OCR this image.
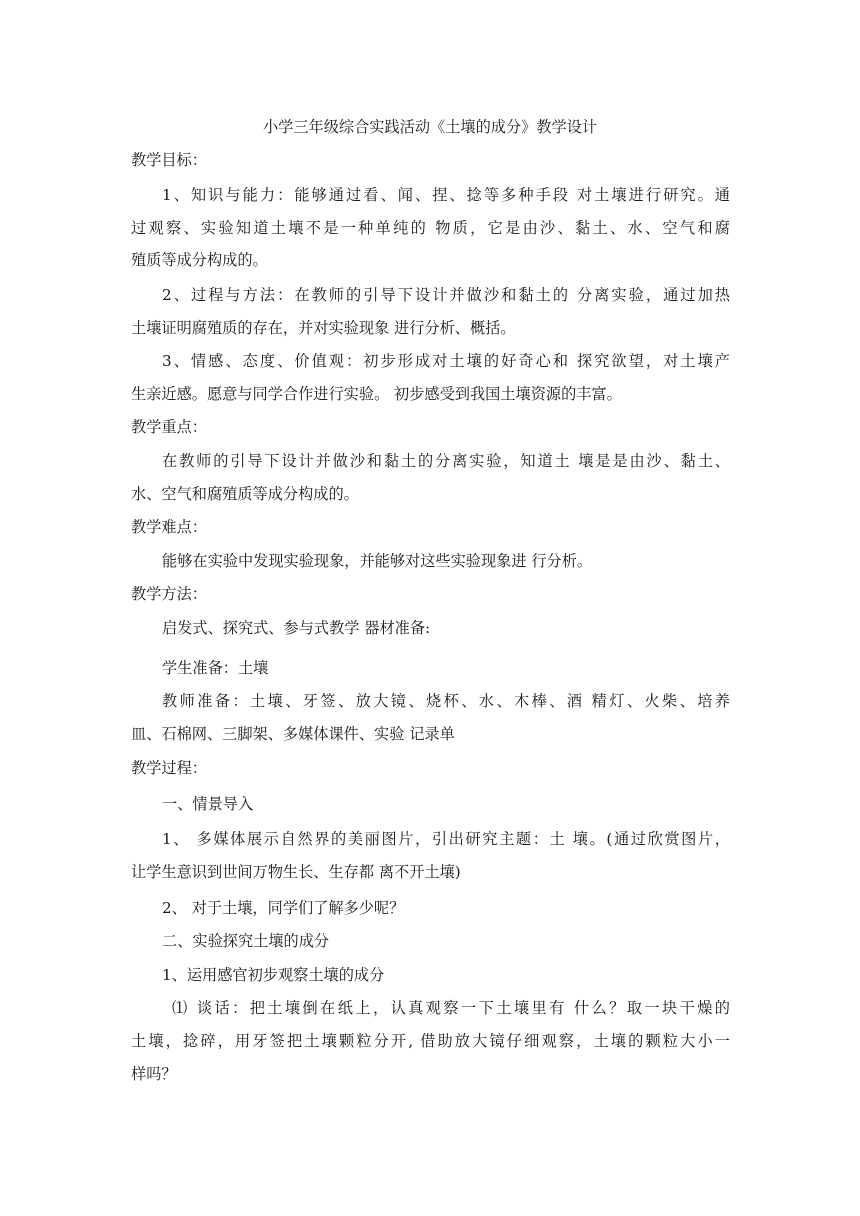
小学三年级综合实践活动《土壤的成分》教学设计
教学目标：
1、知识与能力：能够通过看、闻、捏、捻等多种手段 对土壤进行研究。通
过观察、实验知道土壤不是一种单纯的 物质，它是由沙、黏土、水、空气和腐
殖质等成分构成的。
2、过程与方法：在教师的引导下设计并做沙和黏土的 分离实验，通过加热
土壤证明腐殖质的存在，并对实验现象 进行分析、概括。
3、情感、态度、价值观：初步形成对土壤的好奇心和 探究欲望，对土壤产
生亲近感。愿意与同学合作进行实验。 初步感受到我国土壤资源的丰富。
教学重点：
在教师的引导下设计并做沙和黏土的分离实验，知道土 壤是是由沙、黏土、
水、空气和腐殖质等成分构成的。
教学难点：
能够在实验中发现实验现象，并能够对这些实验现象进 行分析。
教学方法：
启发式、探究式、参与式教学 器材准备:
学生准备：土壤
教师准备：土壤、牙签、放大镜、烧杯、水、木棒、酒 精灯、火柴、培养
皿、石棉网、三脚架、多媒体课件、实验 记录单
教学过程：
一、情景导入
1、 多媒体展示自然界的美丽图片，引出研究主题：土 壤。(通过欣赏图片，
让学生意识到世间万物生长、生存都 离不开土壤)
2、 对于土壤，同学们了解多少呢？
二、实验探究土壤的成分
1、运用感官初步观察土壤的成分
⑴ 谈话：把土壤倒在纸上，认真观察一下土壤里有 什么？取一块干燥的
土壤，捻碎，用牙签把土壤颗粒分开, 借助放大镜仔细观察，土壤的颗粒大小一
样吗？
